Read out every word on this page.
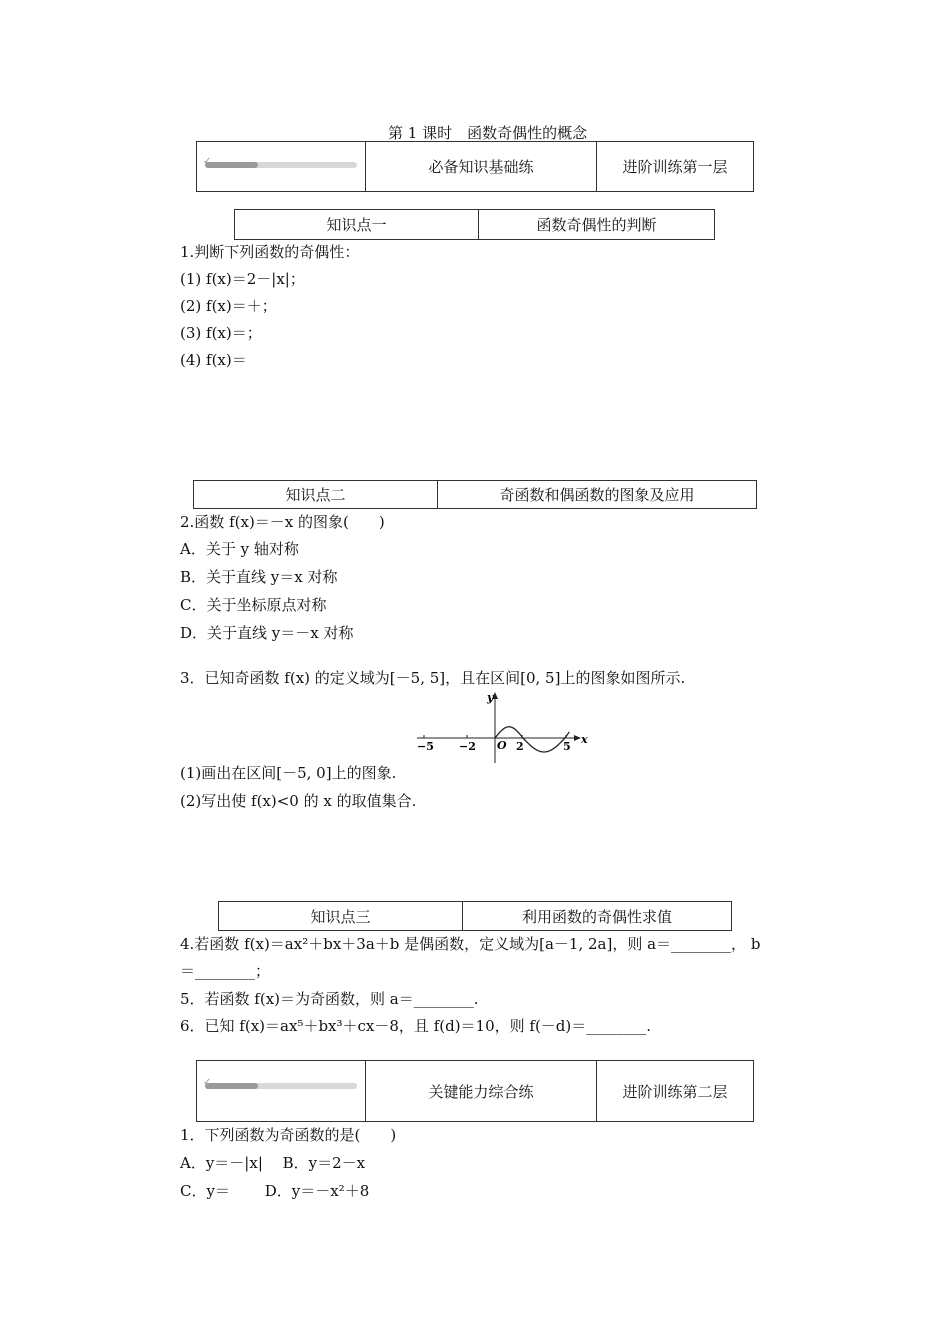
第 1 课时　函数奇偶性的概念
✓	必备知识基础练	进阶训练第一层
知识点一	函数奇偶性的判断
1.判断下列函数的奇偶性：
(1) f(x)＝2－|x|；
(2) f(x)＝＋；
(3) f(x)＝；
(4) f(x)＝
知识点二	奇函数和偶函数的图象及应用
2.函数 f(x)＝－x 的图象(　　)
A．关于 y 轴对称
B．关于直线 y＝x 对称
C．关于坐标原点对称
D．关于直线 y＝－x 对称
3．已知奇函数 f(x) 的定义域为[－5, 5]，且在区间[0, 5]上的图象如图所示.
y
x
O
−5 −2	2	5
(1)画出在区间[－5, 0]上的图象.
(2)写出使 f(x)<0 的 x 的取值集合.
知识点三	利用函数的奇偶性求值
4.若函数 f(x)＝ax²＋bx＋3a＋b 是偶函数，定义域为[a－1, 2a]，则 a＝________， b
＝________；
5．若函数 f(x)＝为奇函数，则 a＝________.
6．已知 f(x)＝ax⁵＋bx³＋cx－8，且 f(d)＝10，则 f(－d)＝________.
✓	关键能力综合练	进阶训练第二层
1．下列函数为奇函数的是(　　)
A．y＝－|x|　 B．y＝2－x
C．y＝　　 D．y＝－x²＋8
